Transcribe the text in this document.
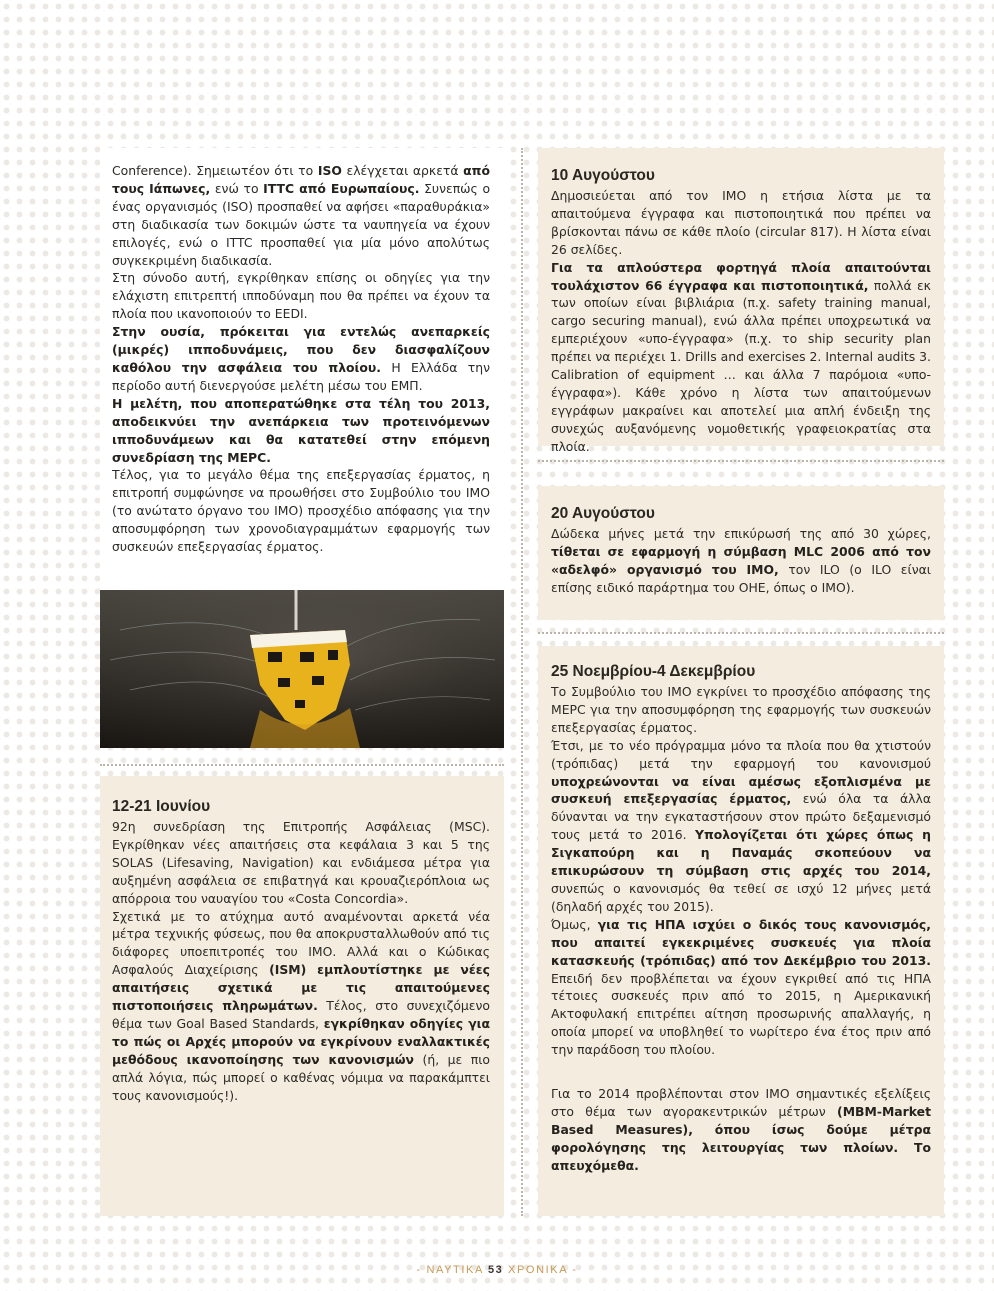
Conference). Σημειωτέον ότι το ISO ελέγχεται αρκετά από τους Ιάπωνες, ενώ το ITTC από Ευρωπαίους. Συνεπώς ο ένας οργανισμός (ISO) προσπαθεί να αφήσει «παραθυράκια» στη διαδικασία των δοκιμών ώστε τα ναυπηγεία να έχουν επιλογές, ενώ ο ITTC προσπαθεί για μία μόνο απολύτως συγκεκριμένη διαδικασία.

Στη σύνοδο αυτή, εγκρίθηκαν επίσης οι οδηγίες για την ελάχιστη επιτρεπτή ιπποδύναμη που θα πρέπει να έχουν τα πλοία που ικανοποιούν το EEDI.

Στην ουσία, πρόκειται για εντελώς ανεπαρκείς (μικρές) ιπποδυνάμεις, που δεν διασφαλίζουν καθόλου την ασφάλεια του πλοίου. Η Ελλάδα την περίοδο αυτή διενεργούσε μελέτη μέσω του ΕΜΠ.

Η μελέτη, που αποπερατώθηκε στα τέλη του 2013, αποδεικνύει την ανεπάρκεια των προτεινόμενων ιπποδυνάμεων και θα κατατεθεί στην επόμενη συνεδρίαση της MEPC.

Τέλος, για το μεγάλο θέμα της επεξεργασίας έρματος, η επιτροπή συμφώνησε να προωθήσει στο Συμβούλιο του ΙΜΟ (το ανώτατο όργανο του ΙΜΟ) προσχέδιο απόφασης για την αποσυμφόρηση των χρονοδιαγραμμάτων εφαρμογής των συσκευών επεξεργασίας έρματος.

12-21 Ιουνίου

92η συνεδρίαση της Επιτροπής Ασφάλειας (MSC). Εγκρίθηκαν νέες απαιτήσεις στα κεφάλαια 3 και 5 της SOLAS (Lifesaving, Navigation) και ενδιάμεσα μέτρα για αυξημένη ασφάλεια σε επιβατηγά και κρουαζιερόπλοια ως απόρροια του ναυαγίου του «Costa Concordia».

Σχετικά με το ατύχημα αυτό αναμένονται αρκετά νέα μέτρα τεχνικής φύσεως, που θα αποκρυσταλλωθούν από τις διάφορες υποεπιτροπές του ΙΜΟ. Αλλά και ο Κώδικας Ασφαλούς Διαχείρισης (ISM) εμπλουτίστηκε με νέες απαιτήσεις σχετικά με τις απαιτούμενες πιστοποιήσεις πληρωμάτων. Τέλος, στο συνεχιζόμενο θέμα των Goal Based Standards, εγκρίθηκαν οδηγίες για το πώς οι Αρχές μπορούν να εγκρίνουν εναλλακτικές μεθόδους ικανοποίησης των κανονισμών (ή, με πιο απλά λόγια, πώς μπορεί ο καθένας νόμιμα να παρακάμπτει τους κανονισμούς!).

10 Αυγούστου

Δημοσιεύεται από τον ΙΜΟ η ετήσια λίστα με τα απαιτούμενα έγγραφα και πιστοποιητικά που πρέπει να βρίσκονται πάνω σε κάθε πλοίο (circular 817). Η λίστα είναι 26 σελίδες.

Για τα απλούστερα φορτηγά πλοία απαιτούνται τουλάχιστον 66 έγγραφα και πιστοποιητικά, πολλά εκ των οποίων είναι βιβλιάρια (π.χ. safety training manual, cargo securing manual), ενώ άλλα πρέπει υποχρεωτικά να εμπεριέχουν «υπο-έγγραφα» (π.χ. το ship security plan πρέπει να περιέχει 1. Drills and exercises 2. Internal audits 3. Calibration of equipment … και άλλα 7 παρόμοια «υπο-έγγραφα»). Κάθε χρόνο η λίστα των απαιτούμενων εγγράφων μακραίνει και αποτελεί μια απλή ένδειξη της συνεχώς αυξανόμενης νομοθετικής γραφειοκρατίας στα πλοία.

20 Αυγούστου

Δώδεκα μήνες μετά την επικύρωσή της από 30 χώρες, τίθεται σε εφαρμογή η σύμβαση MLC 2006 από τον «αδελφό» οργανισμό του ΙΜΟ, τον ILO (ο ILO είναι επίσης ειδικό παράρτημα του ΟΗΕ, όπως ο ΙΜΟ).

25 Νοεμβρίου-4 Δεκεμβρίου

Το Συμβούλιο του ΙΜΟ εγκρίνει το προσχέδιο απόφασης της MEPC για την αποσυμφόρηση της εφαρμογής των συσκευών επεξεργασίας έρματος.

Έτσι, με το νέο πρόγραμμα μόνο τα πλοία που θα χτιστούν (τρόπιδας) μετά την εφαρμογή του κανονισμού υποχρεώνονται να είναι αμέσως εξοπλισμένα με συσκευή επεξεργασίας έρματος, ενώ όλα τα άλλα δύνανται να την εγκαταστήσουν στον πρώτο δεξαμενισμό τους μετά το 2016. Υπολογίζεται ότι χώρες όπως η Σιγκαπούρη και η Παναμάς σκοπεύουν να επικυρώσουν τη σύμβαση στις αρχές του 2014, συνεπώς ο κανονισμός θα τεθεί σε ισχύ 12 μήνες μετά (δηλαδή αρχές του 2015).

Όμως, για τις ΗΠΑ ισχύει ο δικός τους κανονισμός, που απαιτεί εγκεκριμένες συσκευές για πλοία κατασκευής (τρόπιδας) από τον Δεκέμβριο του 2013. Επειδή δεν προβλέπεται να έχουν εγκριθεί από τις ΗΠΑ τέτοιες συσκευές πριν από το 2015, η Αμερικανική Ακτοφυλακή επιτρέπει αίτηση προσωρινής απαλλαγής, η οποία μπορεί να υποβληθεί το νωρίτερο ένα έτος πριν από την παράδοση του πλοίου.

Για το 2014 προβλέπονται στον ΙΜΟ σημαντικές εξελίξεις στο θέμα των αγορακεντρικών μέτρων (MBM-Market Based Measures), όπου ίσως δούμε μέτρα φορολόγησης της λειτουργίας των πλοίων. Το απευχόμεθα.

- ΝΑΥΤΙΚΑ 53 ΧΡΟΝΙΚΑ -
